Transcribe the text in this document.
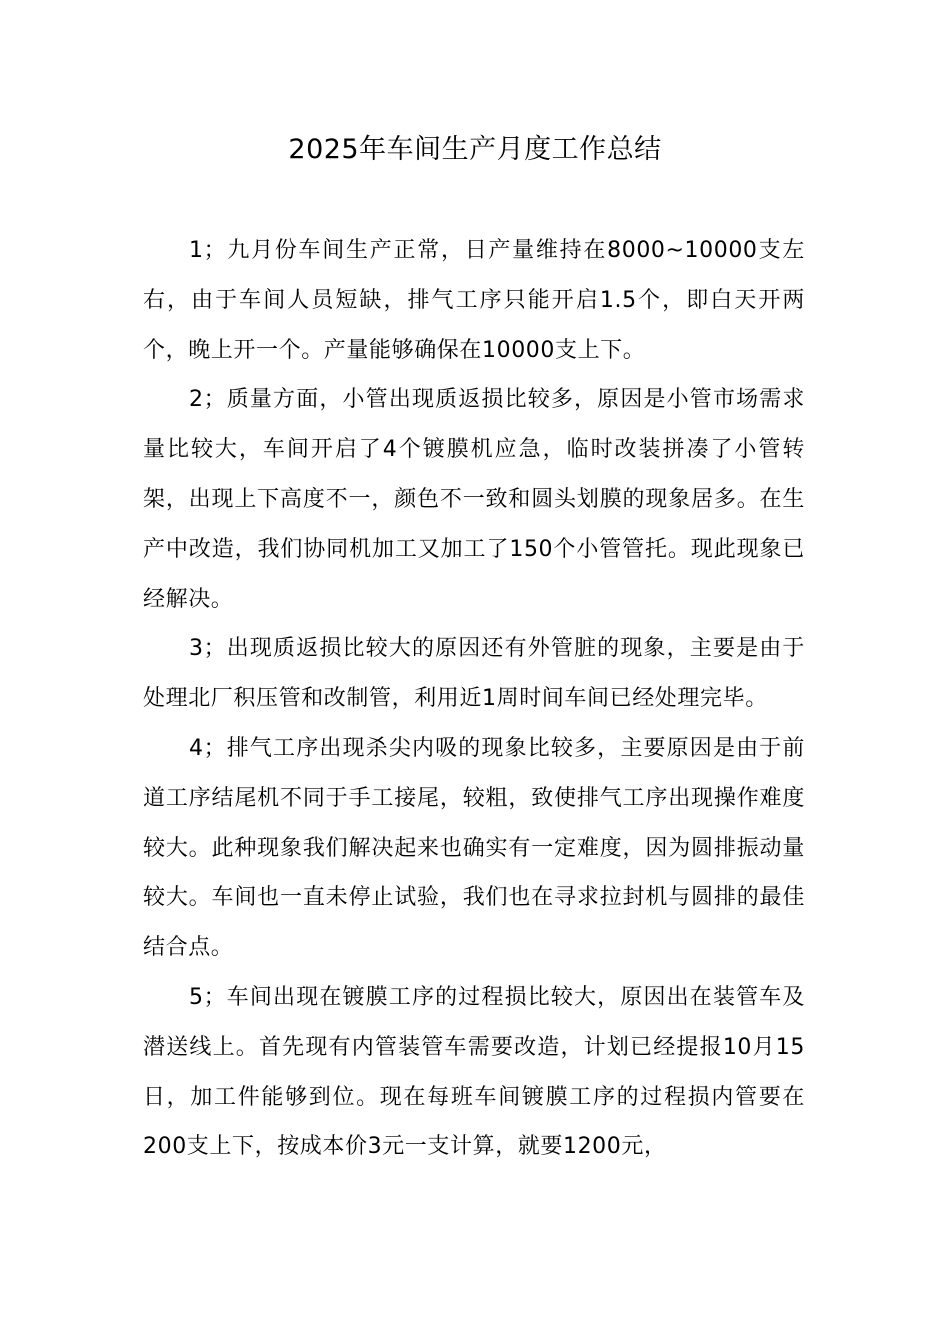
2025年车间生产月度工作总结

1；九月份车间生产正常，日产量维持在8000~10000支左右，由于车间人员短缺，排气工序只能开启1.5个，即白天开两个，晚上开一个。产量能够确保在10000支上下。

2；质量方面，小管出现质返损比较多，原因是小管市场需求量比较大，车间开启了4个镀膜机应急，临时改装拼凑了小管转架，出现上下高度不一，颜色不一致和圆头划膜的现象居多。在生产中改造，我们协同机加工又加工了150个小管管托。现此现象已经解决。

3；出现质返损比较大的原因还有外管脏的现象，主要是由于处理北厂积压管和改制管，利用近1周时间车间已经处理完毕。

4；排气工序出现杀尖内吸的现象比较多，主要原因是由于前道工序结尾机不同于手工接尾，较粗，致使排气工序出现操作难度较大。此种现象我们解决起来也确实有一定难度，因为圆排振动量较大。车间也一直未停止试验，我们也在寻求拉封机与圆排的最佳结合点。

5；车间出现在镀膜工序的过程损比较大，原因出在装管车及潜送线上。首先现有内管装管车需要改造，计划已经提报10月15日，加工件能够到位。现在每班车间镀膜工序的过程损内管要在200支上下，按成本价3元一支计算，就要1200元，
